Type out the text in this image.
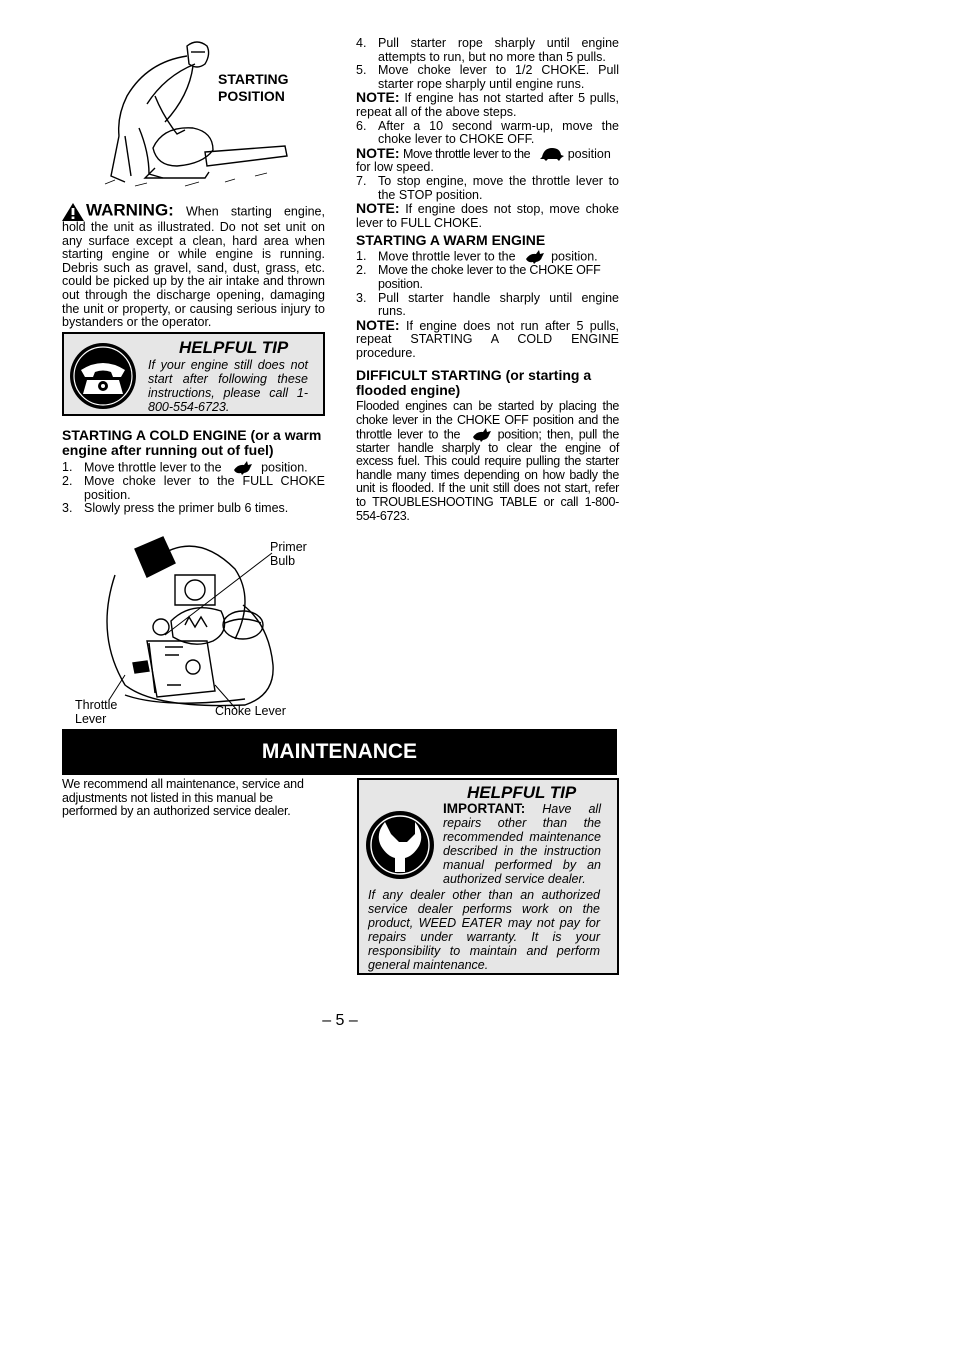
STARTING
POSITION
WARNING: When starting engine, hold the unit as illustrated. Do not set unit on any surface except a clean, hard area when starting engine or while engine is running. Debris such as gravel, sand, dust, grass, etc. could be picked up by the air intake and thrown out through the discharge opening, damaging the unit or property, or causing serious injury to bystanders or the operator.
HELPFUL TIP
If your engine still does not start after following these instructions, please call 1-800-554-6723.

STARTING A COLD ENGINE (or a warm engine after running out of fuel)

1. Move throttle lever to the	position.
2. Move choke lever to the FULL CHOKE position.
3. Slowly press the primer bulb 6 times.
Primer
Bulb
Throttle
Lever
Choke Lever
4. Pull starter rope sharply until engine attempts to run, but no more than 5 pulls.
5. Move choke lever to 1/2 CHOKE. Pull starter rope sharply until engine runs.

NOTE: If engine has not started after 5 pulls, repeat all of the above steps.

6. After a 10 second warm-up, move the choke lever to CHOKE OFF.

NOTE: Move throttle lever to the	position for low speed.

7. To stop engine, move the throttle lever to the STOP position.

NOTE: If engine does not stop, move choke lever to FULL CHOKE.

STARTING A WARM ENGINE

1. Move throttle lever to the	position.
2. Move the choke lever to the CHOKE OFF position.
3. Pull starter handle sharply until engine runs.

NOTE: If engine does not run after 5 pulls, repeat STARTING A COLD ENGINE procedure.

DIFFICULT STARTING (or starting a flooded engine)

Flooded engines can be started by placing the choke lever in the CHOKE OFF position and the throttle lever to the	position; then, pull the starter handle sharply to clear the engine of excess fuel. This could require pulling the starter handle many times depending on how badly the unit is flooded. If the unit still does not start, refer to TROUBLESHOOTING TABLE or call 1-800-554-6723.

MAINTENANCE
We recommend all maintenance, service and adjustments not listed in this manual be performed by an authorized service dealer.
HELPFUL TIP
IMPORTANT: Have all repairs other than the recommended maintenance described in the instruction manual performed by an authorized service dealer.
If any dealer other than an authorized service dealer performs work on the product, WEED EATER may not pay for repairs under warranty. It is your responsibility to maintain and perform general maintenance.
– 5 –
